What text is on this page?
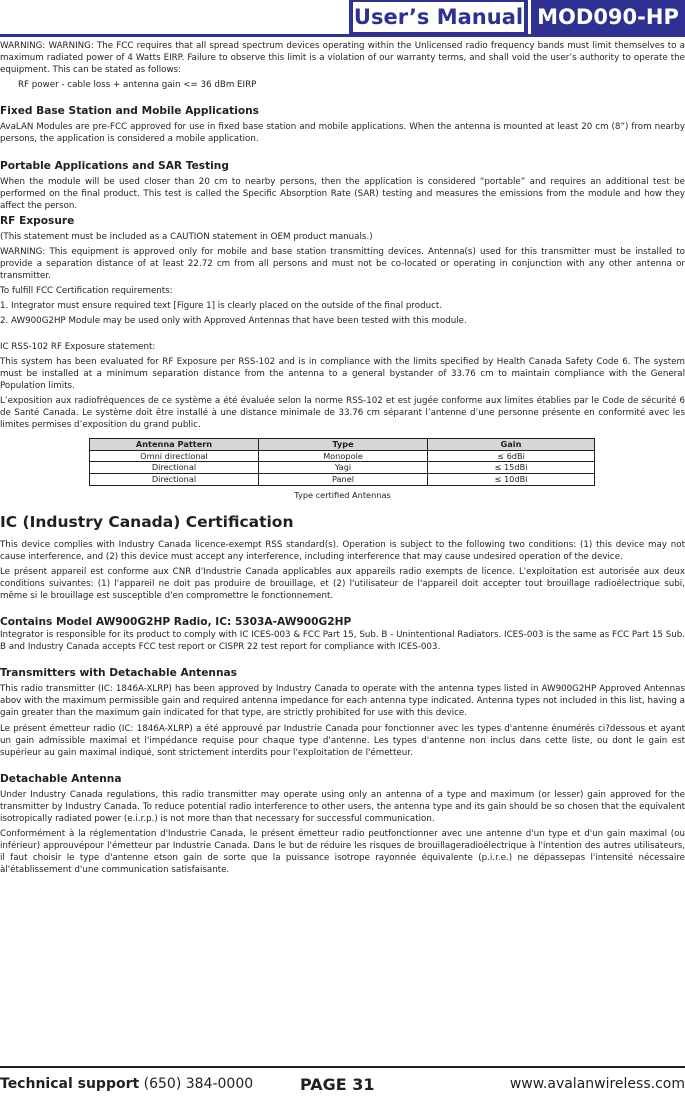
User’s Manual MOD090-HP

WARNING: WARNING: The FCC requires that all spread spectrum devices operating within the Unlicensed radio frequency bands must limit themselves to a maximum radiated power of 4 Watts EIRP. Failure to observe this limit is a violation of our warranty terms, and shall void the user’s authority to operate the equipment. This can be stated as follows:

RF power - cable loss + antenna gain <= 36 dBm EIRP

Fixed Base Station and Mobile Applications

AvaLAN Modules are pre-FCC approved for use in fixed base station and mobile applications. When the antenna is mounted at least 20 cm (8”) from nearby persons, the application is considered a mobile application.

Portable Applications and SAR Testing

When the module will be used closer than 20 cm to nearby persons, then the application is considered “portable” and requires an additional test be performed on the final product. This test is called the Specific Absorption Rate (SAR) testing and measures the emissions from the module and how they affect the person.

RF Exposure

(This statement must be included as a CAUTION statement in OEM product manuals.)

WARNING: This equipment is approved only for mobile and base station transmitting devices. Antenna(s) used for this transmitter must be installed to provide a separation distance of at least 22.72 cm from all persons and must not be co-located or operating in conjunction with any other antenna or transmitter.

To fulfill FCC Certification requirements:

1. Integrator must ensure required text [Figure 1] is clearly placed on the outside of the final product.

2. AW900G2HP Module may be used only with Approved Antennas that have been tested with this module.

IC RSS-102 RF Exposure statement:

This system has been evaluated for RF Exposure per RSS-102 and is in compliance with the limits specified by Health Canada Safety Code 6. The system must be installed at a minimum separation distance from the antenna to a general bystander of 33.76 cm to maintain compliance with the General Population limits.

L’exposition aux radiofréquences de ce système a été évaluée selon la norme RSS-102 et est jugée conforme aux limites établies par le Code de sécurité 6 de Santé Canada. Le système doit être installé à une distance minimale de 33.76 cm séparant l’antenne d’une personne présente en conformité avec les limites permises d’exposition du grand public.

Antenna Pattern	Type	Gain
Omni directional	Monopole	≤ 6dBi
Directional	Yagi	≤ 15dBi
Directional	Panel	≤ 10dBi
Type certified Antennas
IC (Industry Canada) Certification

This device complies with Industry Canada licence-exempt RSS standard(s). Operation is subject to the following two conditions: (1) this device may not cause interference, and (2) this device must accept any interference, including interference that may cause undesired operation of the device.

Le présent appareil est conforme aux CNR d'Industrie Canada applicables aux appareils radio exempts de licence. L'exploitation est autorisée aux deux conditions suivantes: (1) l'appareil ne doit pas produire de brouillage, et (2) l'utilisateur de l'appareil doit accepter tout brouillage radioélectrique subi, même si le brouillage est susceptible d'en compromettre le fonctionnement.

Contains Model AW900G2HP Radio, IC: 5303A-AW900G2HP

Integrator is responsible for its product to comply with IC ICES-003 & FCC Part 15, Sub. B - Unintentional Radiators. ICES-003 is the same as FCC Part 15 Sub. B and Industry Canada accepts FCC test report or CISPR 22 test report for compliance with ICES-003.

Transmitters with Detachable Antennas

This radio transmitter (IC: 1846A-XLRP) has been approved by Industry Canada to operate with the antenna types listed in AW900G2HP Approved Antennas abov with the maximum permissible gain and required antenna impedance for each antenna type indicated. Antenna types not included in this list, having a gain greater than the maximum gain indicated for that type, are strictly prohibited for use with this device.

Le présent émetteur radio (IC: 1846A-XLRP) a été approuvé par Industrie Canada pour fonctionner avec les types d'antenne énumérés ci?dessous et ayant un gain admissible maximal et l'impédance requise pour chaque type d'antenne. Les types d'antenne non inclus dans cette liste, ou dont le gain est supérieur au gain maximal indiqué, sont strictement interdits pour l'exploitation de l'émetteur.

Detachable Antenna

Under Industry Canada regulations, this radio transmitter may operate using only an antenna of a type and maximum (or lesser) gain approved for the transmitter by Industry Canada. To reduce potential radio interference to other users, the antenna type and its gain should be so chosen that the equivalent isotropically radiated power (e.i.r.p.) is not more than that necessary for successful communication.

Conformément à la réglementation d'Industrie Canada, le présent émetteur radio peutfonctionner avec une antenne d'un type et d'un gain maximal (ou inférieur) approuvépour l'émetteur par Industrie Canada. Dans le but de réduire les risques de brouillageradioélectrique à l'intention des autres utilisateurs, il faut choisir le type d'antenne etson gain de sorte que la puissance isotrope rayonnée équivalente (p.i.r.e.) ne dépassepas l'intensité nécessaire àl'établissement d'une communication satisfaisante.

Technical support (650) 384-0000	PAGE 31	www.avalanwireless.com
